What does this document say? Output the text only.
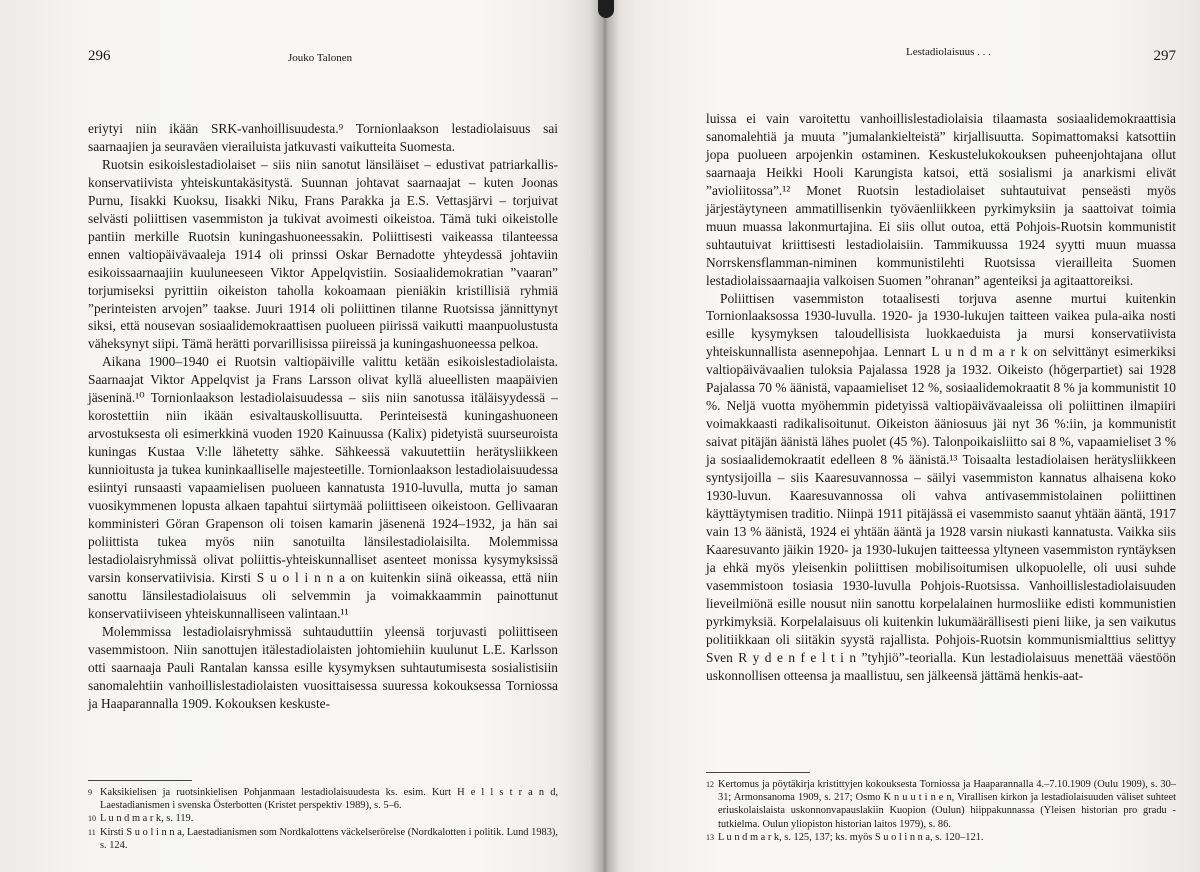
296	Jouko Talonen

eriytyi niin ikään SRK-vanhoillisuudesta.⁹ Tornionlaakson lestadiolaisuus sai saarnaajien ja seuraväen vierailuista jatkuvasti vaikutteita Suomesta.

Ruotsin esikoislestadiolaiset – siis niin sanotut länsiläiset – edustivat patriarkallis-konservatiivista yhteiskuntakäsitystä. Suunnan johtavat saarnaajat – kuten Joonas Purnu, Iisakki Kuoksu, Iisakki Niku, Frans Parakka ja E.S. Vettasjärvi – torjuivat selvästi poliittisen vasemmiston ja tukivat avoimesti oikeistoa. Tämä tuki oikeistolle pantiin merkille Ruotsin kuningashuoneessakin. Poliittisesti vaikeassa tilanteessa ennen valtiopäivävaaleja 1914 oli prinssi Oskar Bernadotte yhteydessä johtaviin esikoissaarnaajiin kuuluneeseen Viktor Appelqvistiin. Sosiaalidemokratian ”vaaran” torjumiseksi pyrittiin oikeiston taholla kokoamaan pieniäkin kristillisiä ryhmiä ”perinteisten arvojen” taakse. Juuri 1914 oli poliittinen tilanne Ruotsissa jännittynyt siksi, että nousevan sosiaalidemokraattisen puolueen piirissä vaikutti maanpuolustusta väheksynyt siipi. Tämä herätti porvarillisissa piireissä ja kuningashuoneessa pelkoa.

Aikana 1900–1940 ei Ruotsin valtiopäiville valittu ketään esikoislestadiolaista. Saarnaajat Viktor Appelqvist ja Frans Larsson olivat kyllä alueellisten maapäivien jäseninä.¹⁰ Tornionlaakson lestadiolaisuudessa – siis niin sanotussa itäläisyydessä – korostettiin niin ikään esivaltauskollisuutta. Perinteisestä kuningashuoneen arvostuksesta oli esimerkkinä vuoden 1920 Kainuussa (Kalix) pidetyistä suurseuroista kuningas Kustaa V:lle lähetetty sähke. Sähkeessä vakuutettiin herätysliikkeen kunnioitusta ja tukea kuninkaalliselle majesteetille. Tornionlaakson lestadiolaisuudessa esiintyi runsaasti vapaamielisen puolueen kannatusta 1910-luvulla, mutta jo saman vuosikymmenen lopusta alkaen tapahtui siirtymää poliittiseen oikeistoon. Gellivaaran komministeri Göran Grapenson oli toisen kamarin jäsenenä 1924–1932, ja hän sai poliittista tukea myös niin sanotuilta länsilestadiolaisilta. Molemmissa lestadiolaisryhmissä olivat poliittis-yhteiskunnalliset asenteet monissa kysymyksissä varsin konservatiivisia. Kirsti S u o l i n n a on kuitenkin siinä oikeassa, että niin sanottu länsilestadiolaisuus oli selvemmin ja voimakkaammin painottunut konservatiiviseen yhteiskunnalliseen valintaan.¹¹

Molemmissa lestadiolaisryhmissä suhtauduttiin yleensä torjuvasti poliittiseen vasemmistoon. Niin sanottujen itälestadiolaisten johtomiehiin kuulunut L.E. Karlsson otti saarnaaja Pauli Rantalan kanssa esille kysymyksen suhtautumisesta sosialistisiin sanomalehtiin vanhoillislestadiolaisten vuosittaisessa suuressa kokouksessa Torniossa ja Haaparannalla 1909. Kokouksen keskuste-

9 Kaksikielisen ja ruotsinkielisen Pohjanmaan lestadiolaisuudesta ks. esim. Kurt H e l l s t r a n d, Laestadianismen i svenska Österbotten (Kristet perspektiv 1989), s. 5–6.

10 L u n d m a r k, s. 119.

11 Kirsti S u o l i n n a, Laestadianismen som Nordkalottens väckelserörelse (Nordkalotten i politik. Lund 1983), s. 124.

Lestadiolaisuus . . .	297

luissa ei vain varoitettu vanhoillislestadiolaisia tilaamasta sosiaalidemokraattisia sanomalehtiä ja muuta ”jumalankielteistä” kirjallisuutta. Sopimattomaksi katsottiin jopa puolueen arpojenkin ostaminen. Keskustelukokouksen puheenjohtajana ollut saarnaaja Heikki Hooli Karungista katsoi, että sosialismi ja anarkismi elivät ”avioliitossa”.¹² Monet Ruotsin lestadiolaiset suhtautuivat penseästi myös järjestäytyneen ammatillisenkin työväenliikkeen pyrkimyksiin ja saattoivat toimia muun muassa lakonmurtajina. Ei siis ollut outoa, että Pohjois-Ruotsin kommunistit suhtautuivat kriittisesti lestadiolaisiin. Tammikuussa 1924 syytti muun muassa Norrskensflamman-niminen kommunistilehti Ruotsissa vierailleita Suomen lestadiolaissaarnaajia valkoisen Suomen ”ohranan” agenteiksi ja agitaattoreiksi.

Poliittisen vasemmiston totaalisesti torjuva asenne murtui kuitenkin Tornionlaaksossa 1930-luvulla. 1920- ja 1930-lukujen taitteen vaikea pula-aika nosti esille kysymyksen taloudellisista luokkaeduista ja mursi konservatiivista yhteiskunnallista asennepohjaa. Lennart L u n d m a r k on selvittänyt esimerkiksi valtiopäivävaalien tuloksia Pajalassa 1928 ja 1932. Oikeisto (högerpartiet) sai 1928 Pajalassa 70 % äänistä, vapaamieliset 12 %, sosiaalidemokraatit 8 % ja kommunistit 10 %. Neljä vuotta myöhemmin pidetyissä valtiopäivävaaleissa oli poliittinen ilmapiiri voimakkaasti radikalisoitunut. Oikeiston ääniosuus jäi nyt 36 %:iin, ja kommunistit saivat pitäjän äänistä lähes puolet (45 %). Talonpoikaisliitto sai 8 %, vapaamieliset 3 % ja sosiaalidemokraatit edelleen 8 % äänistä.¹³ Toisaalta lestadiolaisen herätysliikkeen syntysijoilla – siis Kaaresuvannossa – säilyi vasemmiston kannatus alhaisena koko 1930-luvun. Kaaresuvannossa oli vahva antivasemmistolainen poliittinen käyttäytymisen traditio. Niinpä 1911 pitäjässä ei vasemmisto saanut yhtään ääntä, 1917 vain 13 % äänistä, 1924 ei yhtään ääntä ja 1928 varsin niukasti kannatusta. Vaikka siis Kaaresuvanto jäikin 1920- ja 1930-lukujen taitteessa yltyneen vasemmiston ryntäyksen ja ehkä myös yleisenkin poliittisen mobilisoitumisen ulkopuolelle, oli uusi suhde vasemmistoon tosiasia 1930-luvulla Pohjois-Ruotsissa. Vanhoillislestadiolaisuuden lieveilmiönä esille nousut niin sanottu korpelalainen hurmosliike edisti kommunistien pyrkimyksiä. Korpelalaisuus oli kuitenkin lukumäärällisesti pieni liike, ja sen vaikutus politiikkaan oli siitäkin syystä rajallista. Pohjois-Ruotsin kommunismialttius selittyy Sven R y d e n f e l t i n ”tyhjiö”-teorialla. Kun lestadiolaisuus menettää väestöön uskonnollisen otteensa ja maallistuu, sen jälkeensä jättämä henkis-aat-

12 Kertomus ja pöytäkirja kristittyjen kokouksesta Torniossa ja Haaparannalla 4.–7.10.1909 (Oulu 1909), s. 30–31; Armonsanoma 1909, s. 217; Osmo K n u u t i n e n, Virallisen kirkon ja lestadiolaisuuden väliset suhteet eriuskolaislaista uskonnonvapauslakiin Kuopion (Oulun) hiippakunnassa (Yleisen historian pro gradu -tutkielma. Oulun yliopiston historian laitos 1979), s. 86.

13 L u n d m a r k, s. 125, 137; ks. myös S u o l i n n a, s. 120–121.
